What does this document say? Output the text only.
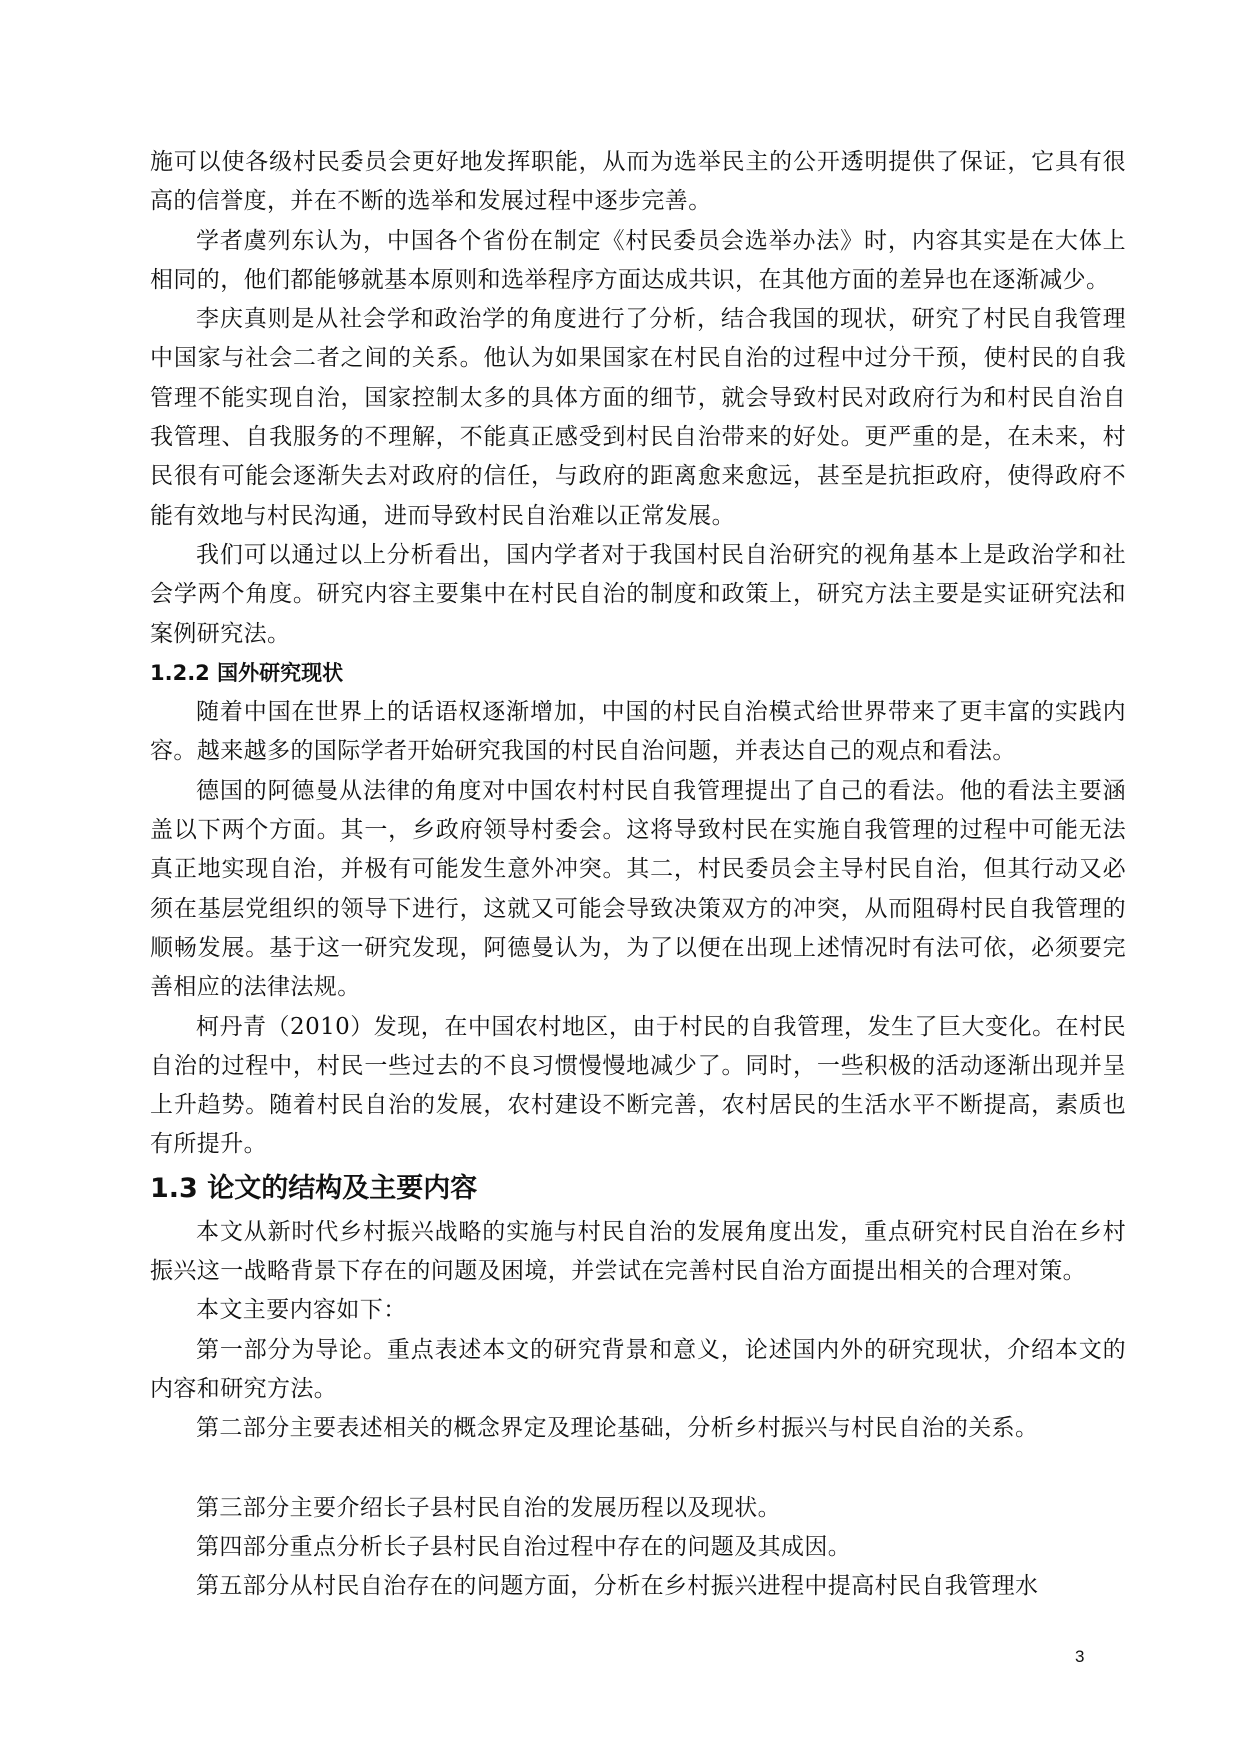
施可以使各级村民委员会更好地发挥职能，从而为选举民主的公开透明提供了保证，它具有很高的信誉度，并在不断的选举和发展过程中逐步完善。

学者虞列东认为，中国各个省份在制定《村民委员会选举办法》时，内容其实是在大体上相同的，他们都能够就基本原则和选举程序方面达成共识，在其他方面的差异也在逐渐减少。

李庆真则是从社会学和政治学的角度进行了分析，结合我国的现状，研究了村民自我管理中国家与社会二者之间的关系。他认为如果国家在村民自治的过程中过分干预，使村民的自我管理不能实现自治，国家控制太多的具体方面的细节，就会导致村民对政府行为和村民自治自我管理、自我服务的不理解，不能真正感受到村民自治带来的好处。更严重的是，在未来，村民很有可能会逐渐失去对政府的信任，与政府的距离愈来愈远，甚至是抗拒政府，使得政府不能有效地与村民沟通，进而导致村民自治难以正常发展。

我们可以通过以上分析看出，国内学者对于我国村民自治研究的视角基本上是政治学和社会学两个角度。研究内容主要集中在村民自治的制度和政策上，研究方法主要是实证研究法和案例研究法。

1.2.2 国外研究现状

随着中国在世界上的话语权逐渐增加，中国的村民自治模式给世界带来了更丰富的实践内容。越来越多的国际学者开始研究我国的村民自治问题，并表达自己的观点和看法。

德国的阿德曼从法律的角度对中国农村村民自我管理提出了自己的看法。他的看法主要涵盖以下两个方面。其一，乡政府领导村委会。这将导致村民在实施自我管理的过程中可能无法真正地实现自治，并极有可能发生意外冲突。其二，村民委员会主导村民自治，但其行动又必须在基层党组织的领导下进行，这就又可能会导致决策双方的冲突，从而阻碍村民自我管理的顺畅发展。基于这一研究发现，阿德曼认为，为了以便在出现上述情况时有法可依，必须要完善相应的法律法规。

柯丹青（2010）发现，在中国农村地区，由于村民的自我管理，发生了巨大变化。在村民自治的过程中，村民一些过去的不良习惯慢慢地减少了。同时，一些积极的活动逐渐出现并呈上升趋势。随着村民自治的发展，农村建设不断完善，农村居民的生活水平不断提高，素质也有所提升。

1.3 论文的结构及主要内容

本文从新时代乡村振兴战略的实施与村民自治的发展角度出发，重点研究村民自治在乡村振兴这一战略背景下存在的问题及困境，并尝试在完善村民自治方面提出相关的合理对策。

本文主要内容如下：

第一部分为导论。重点表述本文的研究背景和意义，论述国内外的研究现状，介绍本文的内容和研究方法。

第二部分主要表述相关的概念界定及理论基础，分析乡村振兴与村民自治的关系。

第三部分主要介绍长子县村民自治的发展历程以及现状。

第四部分重点分析长子县村民自治过程中存在的问题及其成因。

第五部分从村民自治存在的问题方面，分析在乡村振兴进程中提高村民自我管理水

3
